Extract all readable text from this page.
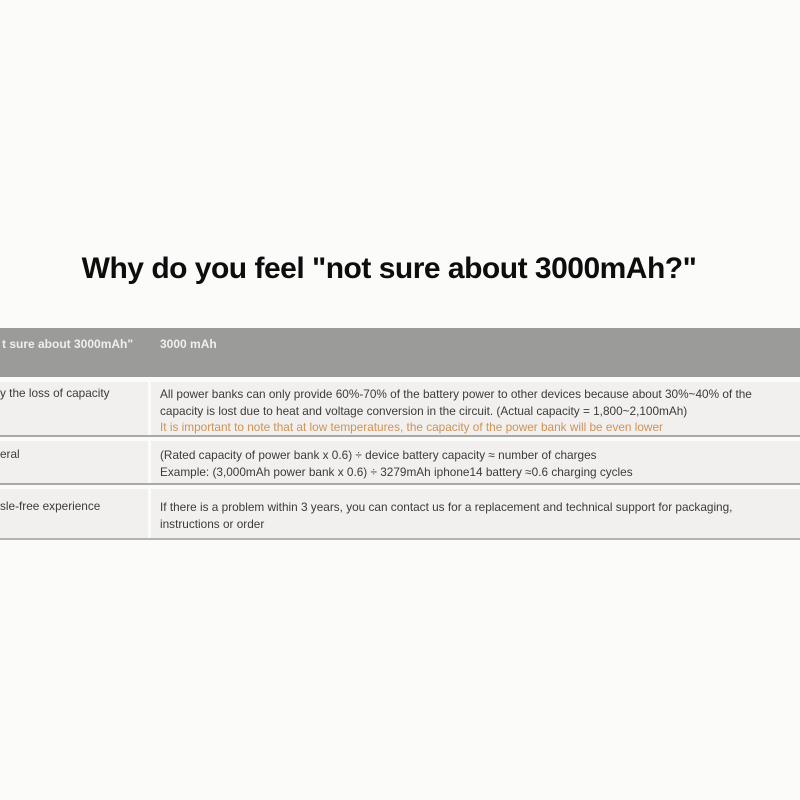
Why do you feel "not sure about 3000mAh?"
t sure about 3000mAh"	3000 mAh
y the loss of capacity	All power banks can only provide 60%-70% of the battery power to other devices because about 30%~40% of the
capacity is lost due to heat and voltage conversion in the circuit. (Actual capacity = 1,800~2,100mAh)
It is important to note that at low temperatures, the capacity of the power bank will be even lower
eral	(Rated capacity of power bank x 0.6) ÷ device battery capacity ≈ number of charges
Example: (3,000mAh power bank x 0.6) ÷ 3279mAh iphone14 battery ≈0.6 charging cycles
sle-free experience	If there is a problem within 3 years, you can contact us for a replacement and technical support for packaging,
instructions or order
